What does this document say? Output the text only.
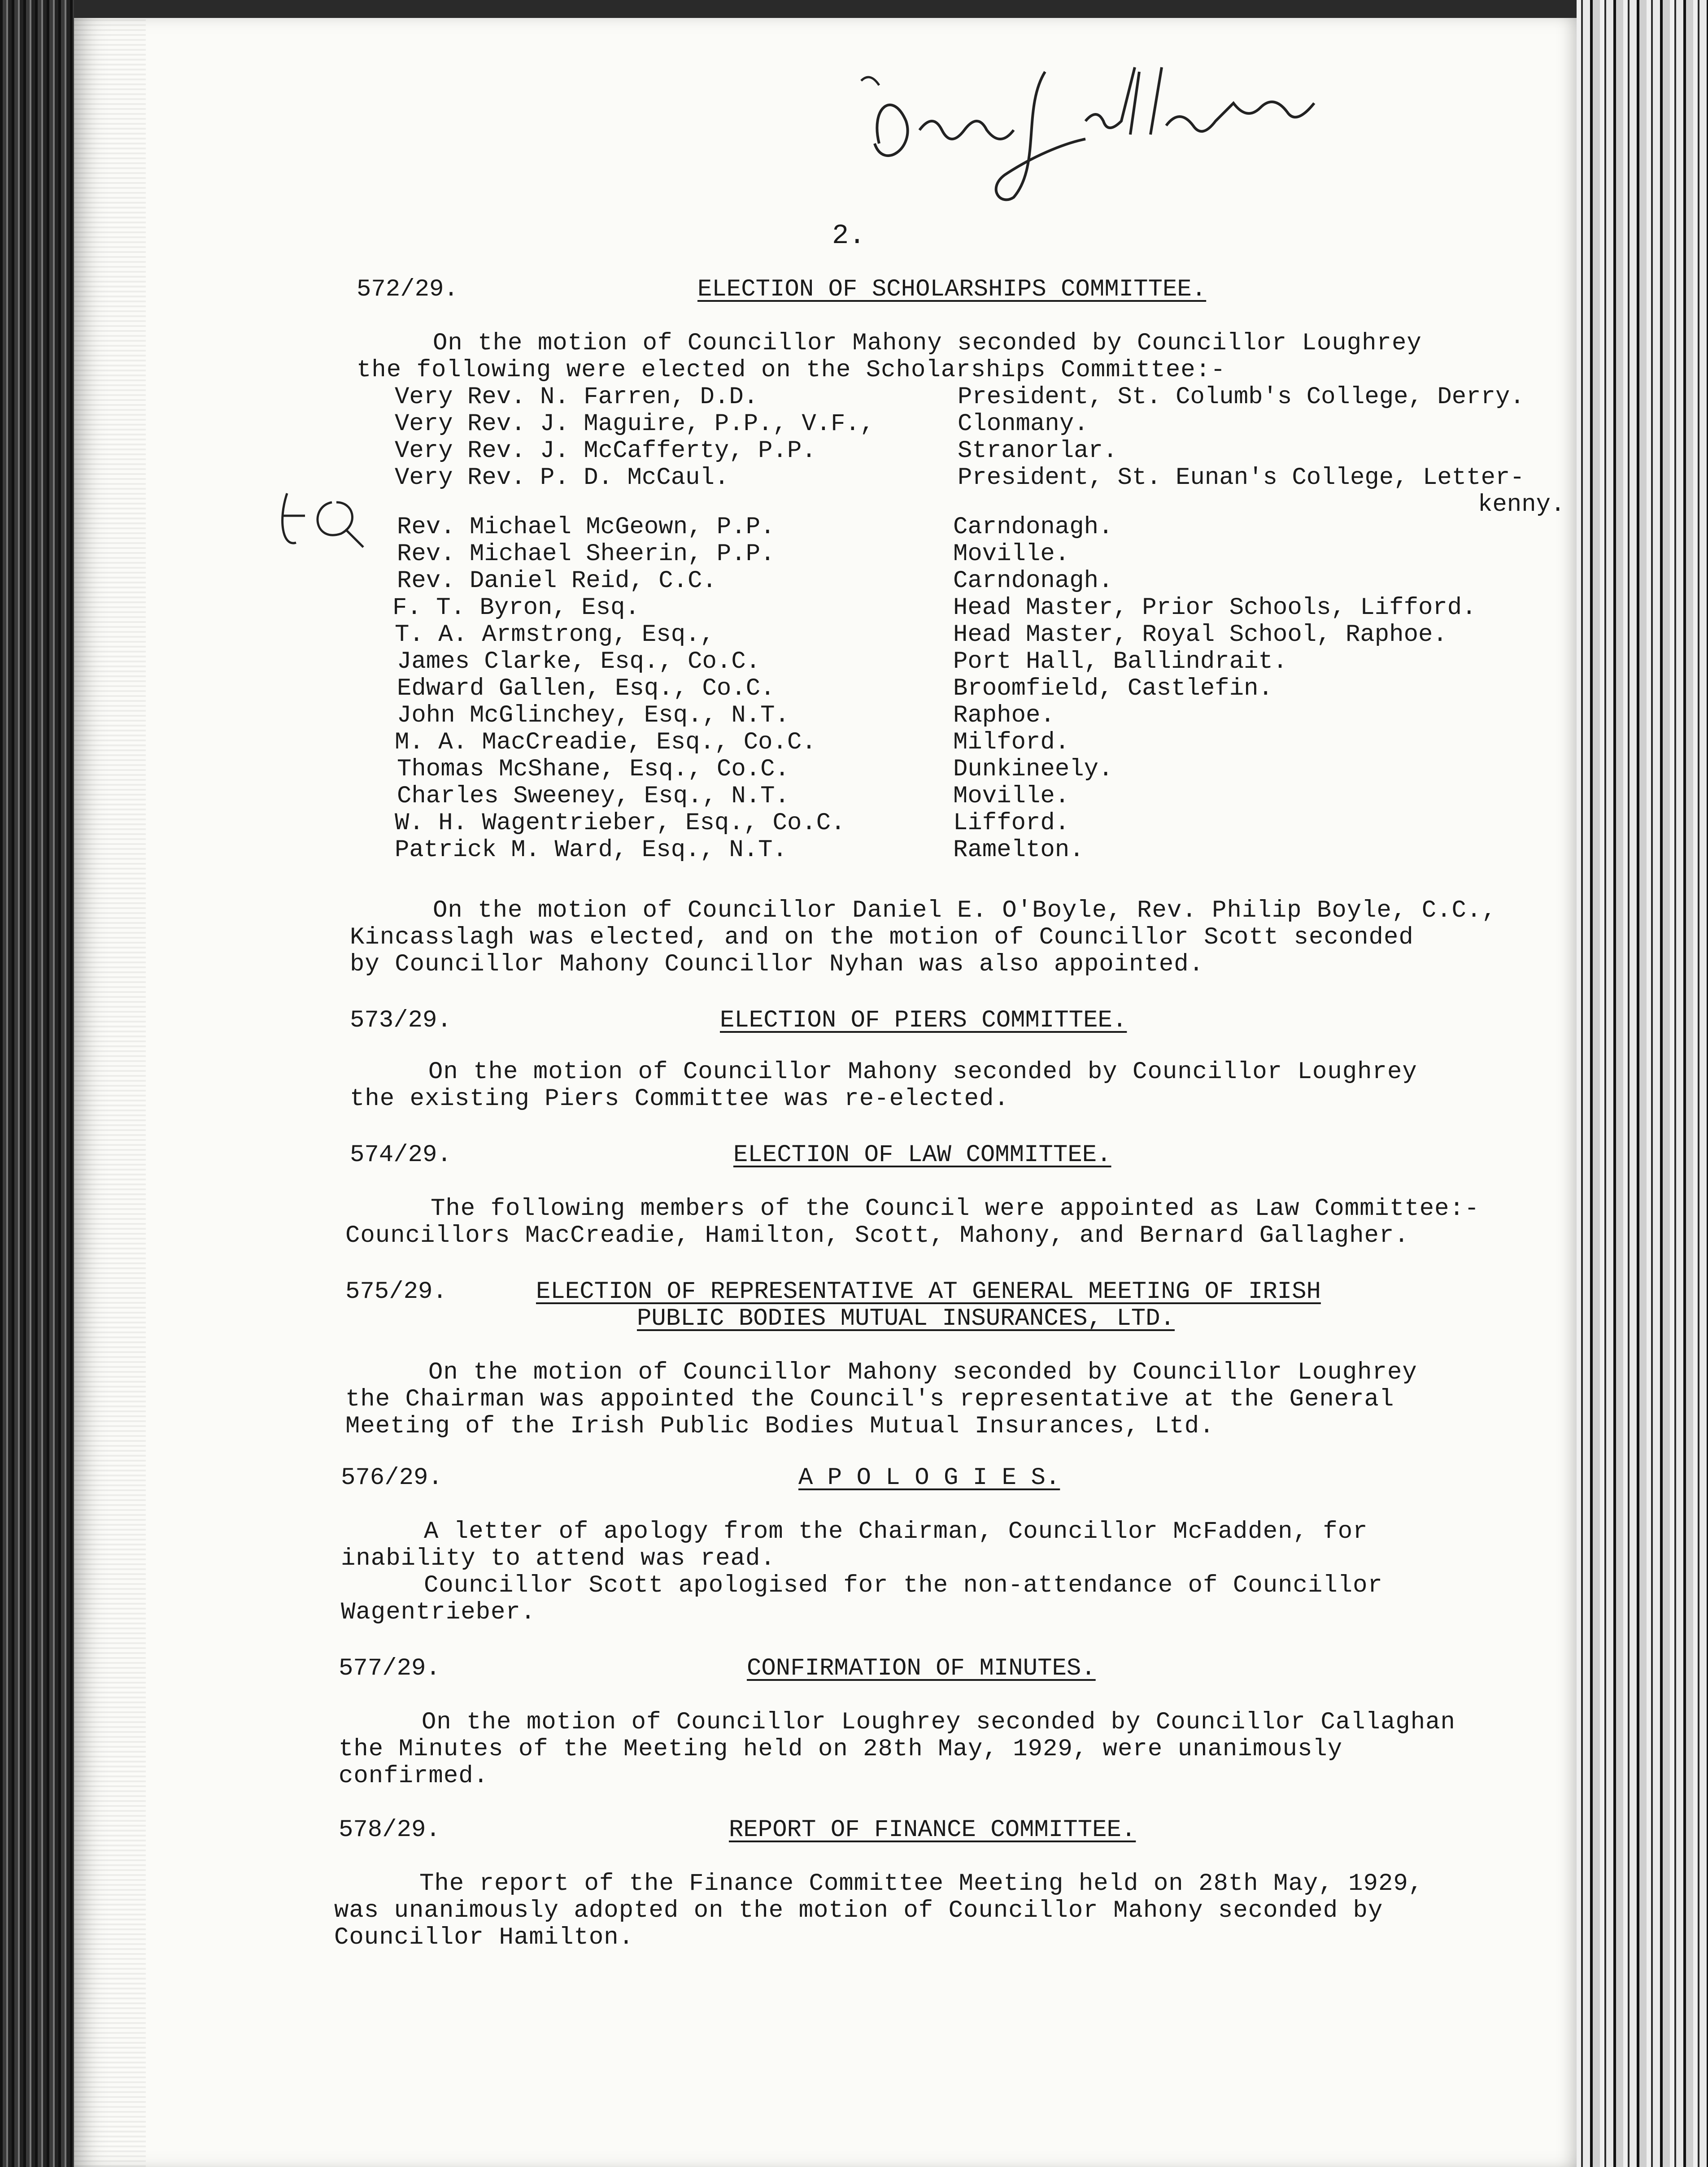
2.
572/29.	ELECTION OF SCHOLARSHIPS COMMITTEE.
On the motion of Councillor Mahony seconded by Councillor Loughrey
the following were elected on the Scholarships Committee:-
Very Rev. N. Farren, D.D.	President, St. Columb's College, Derry.
Very Rev. J. Maguire, P.P., V.F.,	Clonmany.
Very Rev. J. McCafferty, P.P.	Stranorlar.
Very Rev. P. D. McCaul.	President, St. Eunan's College, Letter-
kenny.
Rev. Michael McGeown, P.P.	Carndonagh.
Rev. Michael Sheerin, P.P.	Moville.
Rev. Daniel Reid, C.C.	Carndonagh.
F. T. Byron, Esq.	Head Master, Prior Schools, Lifford.
T. A. Armstrong, Esq.,	Head Master, Royal School, Raphoe.
James Clarke, Esq., Co.C.	Port Hall, Ballindrait.
Edward Gallen, Esq., Co.C.	Broomfield, Castlefin.
John McGlinchey, Esq., N.T.	Raphoe.
M. A. MacCreadie, Esq., Co.C.	Milford.
Thomas McShane, Esq., Co.C.	Dunkineely.
Charles Sweeney, Esq., N.T.	Moville.
W. H. Wagentrieber, Esq., Co.C.	Lifford.
Patrick M. Ward, Esq., N.T.	Ramelton.
On the motion of Councillor Daniel E. O'Boyle, Rev. Philip Boyle, C.C.,
Kincasslagh was elected, and on the motion of Councillor Scott seconded
by Councillor Mahony Councillor Nyhan was also appointed.
573/29.	ELECTION OF PIERS COMMITTEE.
On the motion of Councillor Mahony seconded by Councillor Loughrey
the existing Piers Committee was re-elected.
574/29.	ELECTION OF LAW COMMITTEE.
The following members of the Council were appointed as Law Committee:-
Councillors MacCreadie, Hamilton, Scott, Mahony, and Bernard Gallagher.
575/29.	ELECTION OF REPRESENTATIVE AT GENERAL MEETING OF IRISH
PUBLIC BODIES MUTUAL INSURANCES, LTD.
On the motion of Councillor Mahony seconded by Councillor Loughrey
the Chairman was appointed the Council's representative at the General
Meeting of the Irish Public Bodies Mutual Insurances, Ltd.
576/29.	A P O L O G I E S.
A letter of apology from the Chairman, Councillor McFadden, for
inability to attend was read.
Councillor Scott apologised for the non-attendance of Councillor
Wagentrieber.
577/29.	CONFIRMATION OF MINUTES.
On the motion of Councillor Loughrey seconded by Councillor Callaghan
the Minutes of the Meeting held on 28th May, 1929, were unanimously
confirmed.
578/29.	REPORT OF FINANCE COMMITTEE.
The report of the Finance Committee Meeting held on 28th May, 1929,
was unanimously adopted on the motion of Councillor Mahony seconded by
Councillor Hamilton.
